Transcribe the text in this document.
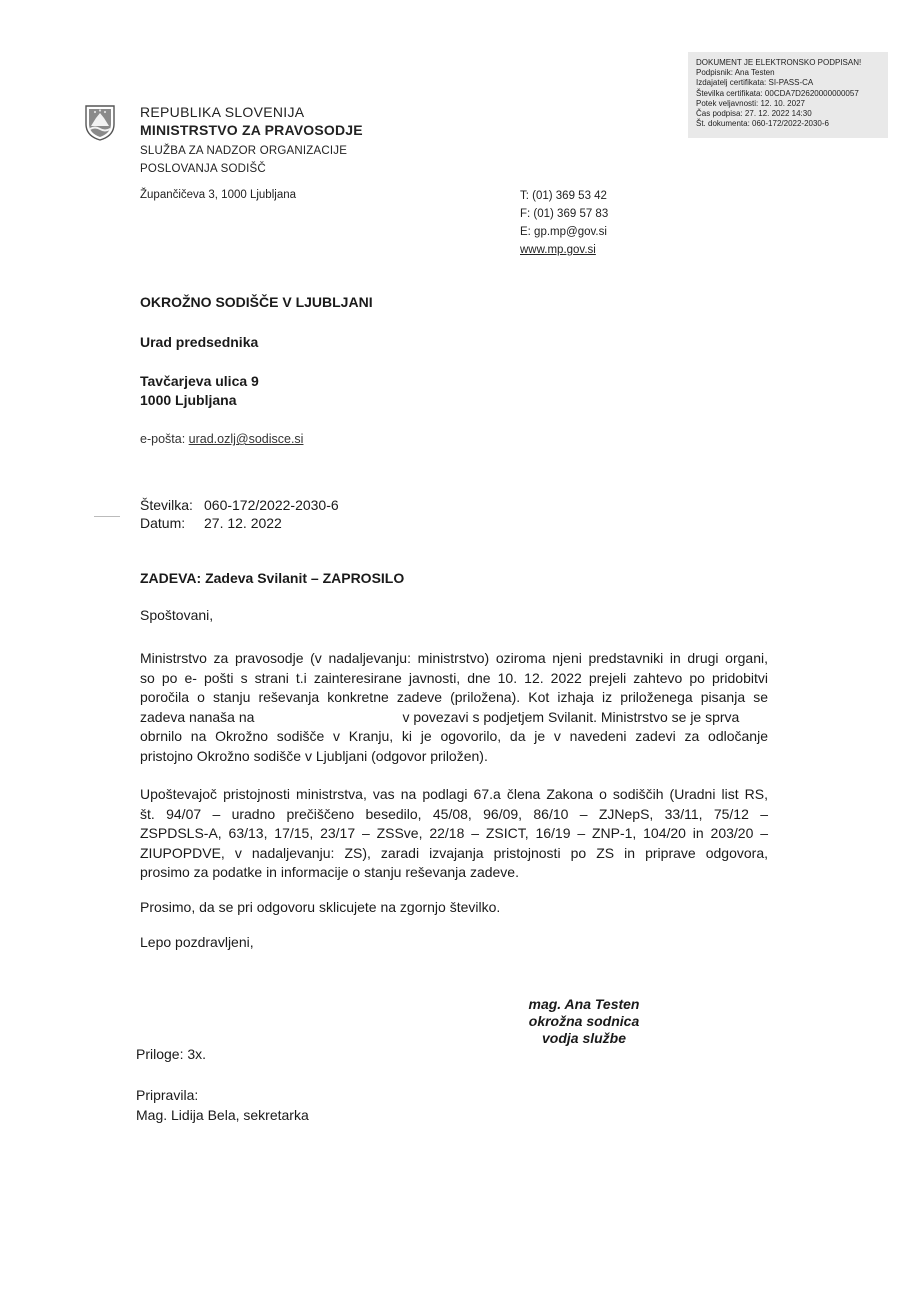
DOKUMENT JE ELEKTRONSKO PODPISAN!
Podpisnik: Ana Testen
Izdajatelj certifikata: SI-PASS-CA
Številka certifikata: 00CDA7D2620000000057
Potek veljavnosti: 12. 10. 2027
Čas podpisa: 27. 12. 2022 14:30
Št. dokumenta: 060-172/2022-2030-6
REPUBLIKA SLOVENIJA
MINISTRSTVO ZA PRAVOSODJE
SLUŽBA ZA NADZOR ORGANIZACIJE
POSLOVANJA SODIŠČ
Župančičeva 3, 1000 Ljubljana	T: (01) 369 53 42
F: (01) 369 57 83
E: gp.mp@gov.si
www.mp.gov.si
OKROŽNO SODIŠČE V LJUBLJANI
Urad predsednika
Tavčarjeva ulica 9
1000 Ljubljana
e-pošta: urad.ozlj@sodisce.si
Številka: 060-172/2022-2030-6
Datum: 27. 12. 2022
ZADEVA: Zadeva Svilanit – ZAPROSILO
Spoštovani,
Ministrstvo za pravosodje (v nadaljevanju: ministrstvo) oziroma njeni predstavniki in drugi organi,
so po e- pošti s strani t.i zainteresirane javnosti, dne 10. 12. 2022 prejeli zahtevo po pridobitvi
poročila o stanju reševanja konkretne zadeve (priložena). Kot izhaja iz priloženega pisanja se
zadeva nanaša na	v povezavi s podjetjem Svilanit. Ministrstvo se je sprva
obrnilo na Okrožno sodišče v Kranju, ki je ogovorilo, da je v navedeni zadevi za odločanje
pristojno Okrožno sodišče v Ljubljani (odgovor priložen).
Upoštevajoč pristojnosti ministrstva, vas na podlagi 67.a člena Zakona o sodiščih (Uradni list RS,
št. 94/07 – uradno prečiščeno besedilo, 45/08, 96/09, 86/10 – ZJNepS, 33/11, 75/12 –
ZSPDSLS-A, 63/13, 17/15, 23/17 – ZSSve, 22/18 – ZSICT, 16/19 – ZNP-1, 104/20 in 203/20 –
ZIUPOPDVE, v nadaljevanju: ZS), zaradi izvajanja pristojnosti po ZS in priprave odgovora,
prosimo za podatke in informacije o stanju reševanja zadeve.
Prosimo, da se pri odgovoru sklicujete na zgornjo številko.
Lepo pozdravljeni,
mag. Ana Testen
okrožna sodnica
vodja službe
Priloge: 3x.
Pripravila:
Mag. Lidija Bela, sekretarka
